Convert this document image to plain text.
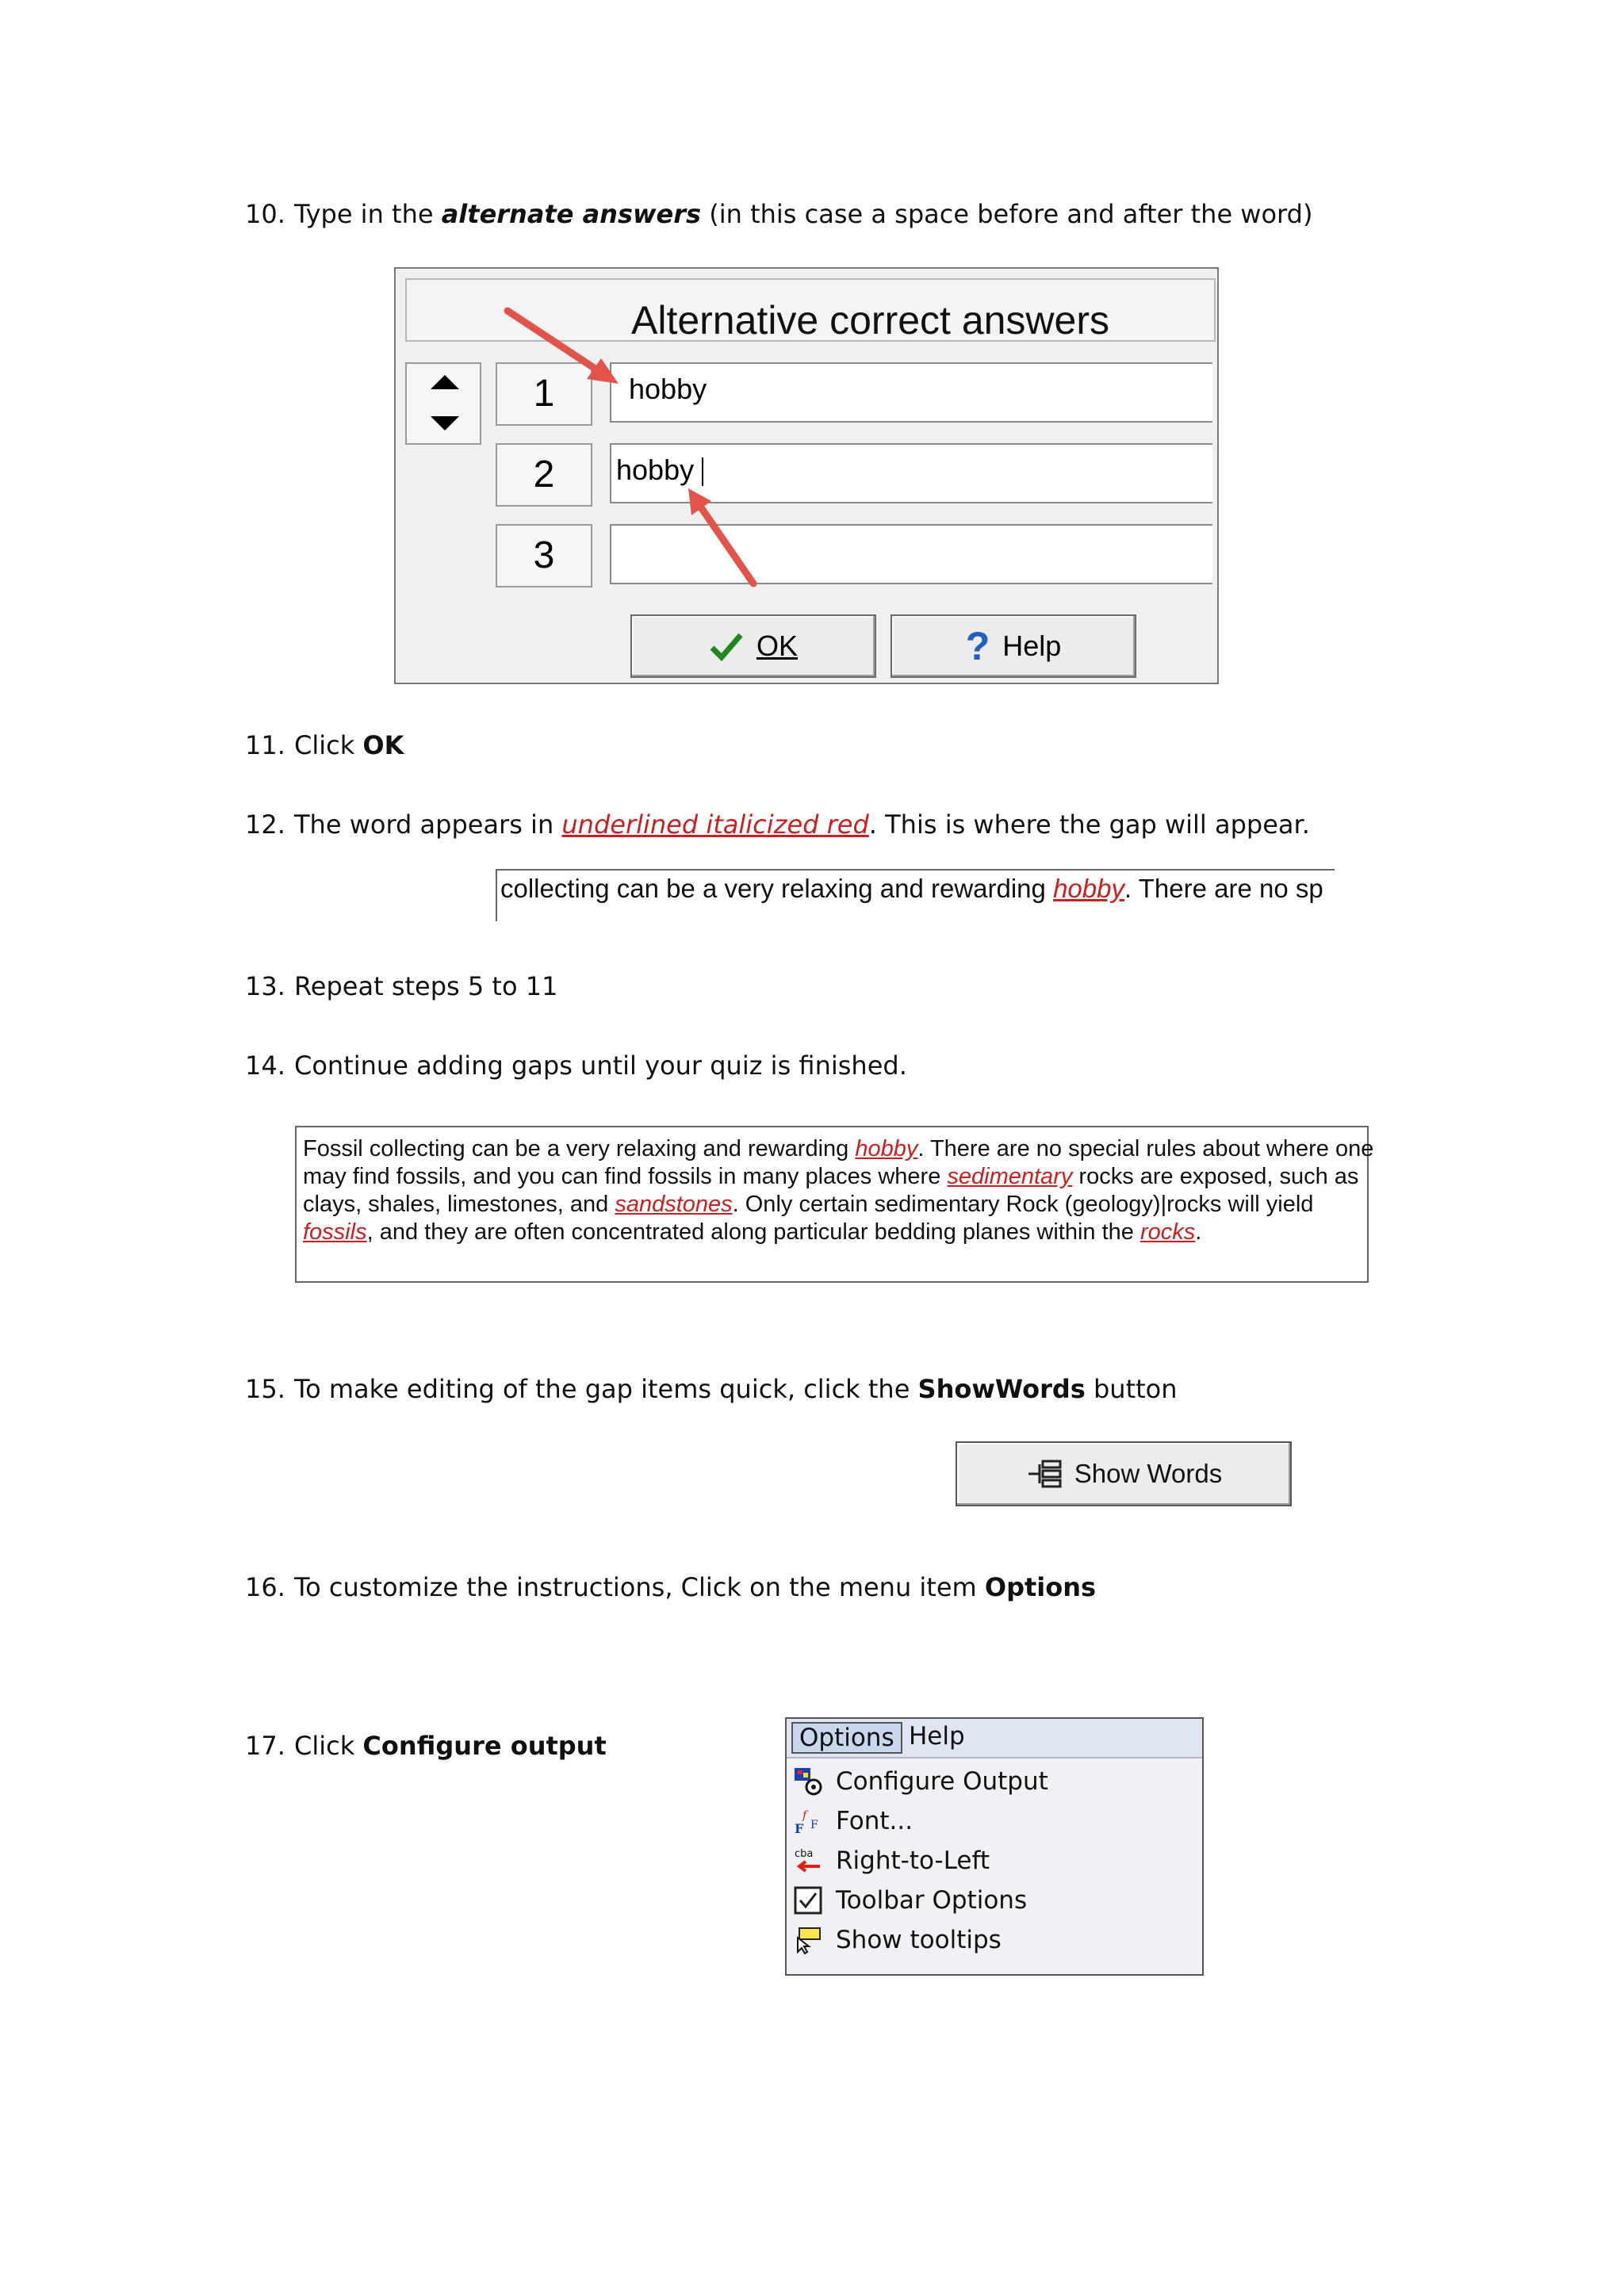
10. Type in the alternate answers (in this case a space before and after the word)
Alternative correct answers
1	hobby
2	hobby
3
OK	? Help
11. Click OK
12. The word appears in underlined italicized red. This is where the gap will appear.
collecting can be a very relaxing and rewarding hobby. There are no sp
13. Repeat steps 5 to 11
14. Continue adding gaps until your quiz is finished.
Fossil collecting can be a very relaxing and rewarding hobby. There are no special rules about where one
may find fossils, and you can find fossils in many places where sedimentary rocks are exposed, such as
clays, shales, limestones, and sandstones. Only certain sedimentary Rock (geology)|rocks will yield
fossils, and they are often concentrated along particular bedding planes within the rocks.
15. To make editing of the gap items quick, click the ShowWords button
Show Words
16. To customize the instructions, Click on the menu item Options
17. Click Configure output	Options Help
Configure Output
F
f
F Font...
cba Right-to-Left
Toolbar Options
Show tooltips
